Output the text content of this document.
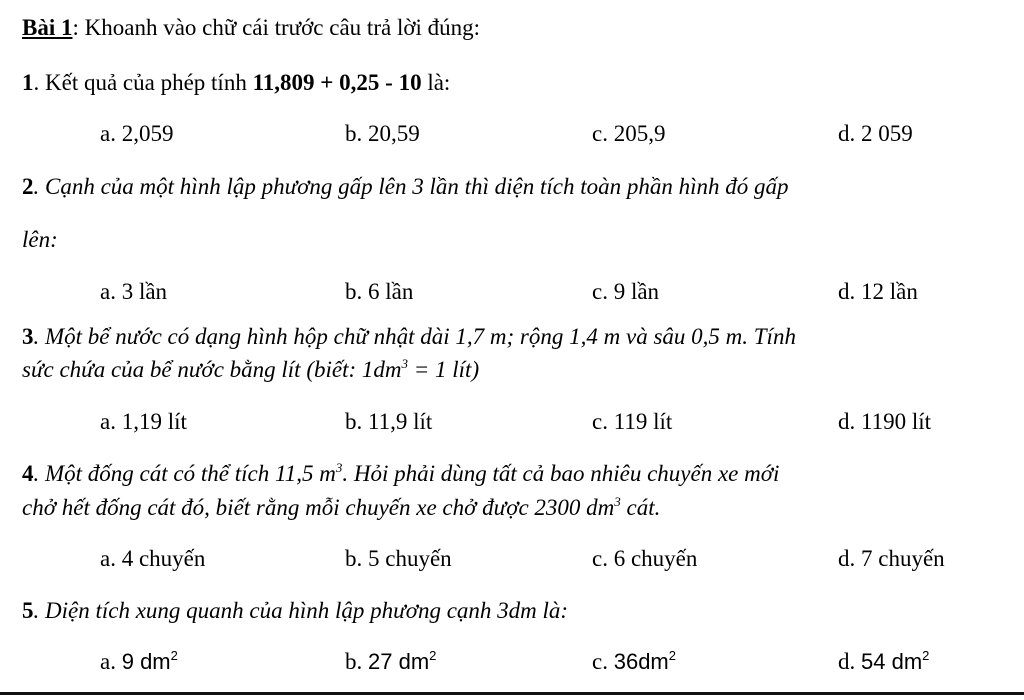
Bài 1: Khoanh vào chữ cái trước câu trả lời đúng:
1. Kết quả của phép tính 11,809 + 0,25 - 10 là:
a. 2,059	b. 20,59	c. 205,9	d. 2 059
2. Cạnh của một hình lập phương gấp lên 3 lần thì diện tích toàn phần hình đó gấp
lên:
a. 3 lần	b. 6 lần	c. 9 lần	d. 12 lần
3. Một bể nước có dạng hình hộp chữ nhật dài 1,7 m; rộng 1,4 m và sâu 0,5 m. Tính
sức chứa của bể nước bằng lít (biết: $1dm^3 = 1$ lít)
a. 1,19 lít	b. 11,9 lít	c. 119 lít	d. 1190 lít
4. Một đống cát có thể tích 11,5 $m^3$. Hỏi phải dùng tất cả bao nhiêu chuyến xe mới
chở hết đống cát đó, biết rằng mỗi chuyến xe chở được 2300 $dm^3$ cát.
a. 4 chuyến	b. 5 chuyến	c. 6 chuyến	d. 7 chuyến
5. Diện tích xung quanh của hình lập phương cạnh 3dm là:
a. 9 $dm^2$	b. 27 $dm^2$	c. $36dm^2$	d. 54 $dm^2$
